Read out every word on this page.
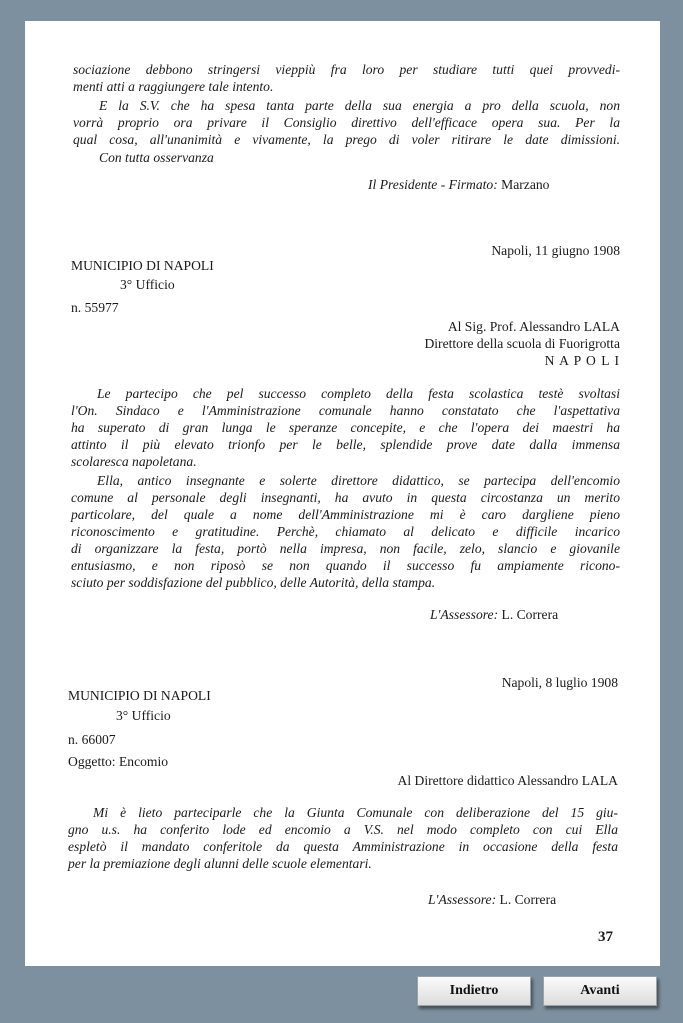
sociazione debbono stringersi vieppiù fra loro per studiare tutti quei provvedi-
menti atti a raggiungere tale intento.
E la S.V. che ha spesa tanta parte della sua energia a pro della scuola, non
vorrà proprio ora privare il Consiglio direttivo dell'efficace opera sua. Per la
qual cosa, all'unanimità e vivamente, la prego di voler ritirare le date dimissioni.
Con tutta osservanza
Il Presidente - Firmato: Marzano
Napoli, 11 giugno 1908
MUNICIPIO DI NAPOLI
3° Ufficio
n. 55977
Al Sig. Prof. Alessandro LALA
Direttore della scuola di Fuorigrotta
N A P O L I
Le partecipo che pel successo completo della festa scolastica testè svoltasi
l'On. Sindaco e l'Amministrazione comunale hanno constatato che l'aspettativa
ha superato di gran lunga le speranze concepite, e che l'opera dei maestri ha
attinto il più elevato trionfo per le belle, splendide prove date dalla immensa
scolaresca napoletana.
Ella, antico insegnante e solerte direttore didattico, se partecipa dell'encomio
comune al personale degli insegnanti, ha avuto in questa circostanza un merito
particolare, del quale a nome dell'Amministrazione mi è caro dargliene pieno
riconoscimento e gratitudine. Perchè, chiamato al delicato e difficile incarico
di organizzare la festa, portò nella impresa, non facile, zelo, slancio e giovanile
entusiasmo, e non riposò se non quando il successo fu ampiamente ricono-
sciuto per soddisfazione del pubblico, delle Autorità, della stampa.
L'Assessore: L. Correra
Napoli, 8 luglio 1908
MUNICIPIO DI NAPOLI
3° Ufficio
n. 66007
Oggetto: Encomio
Al Direttore didattico Alessandro LALA
Mi è lieto parteciparle che la Giunta Comunale con deliberazione del 15 giu-
gno u.s. ha conferito lode ed encomio a V.S. nel modo completo con cui Ella
espletò il mandato conferitole da questa Amministrazione in occasione della festa
per la premiazione degli alunni delle scuole elementari.
L'Assessore: L. Correra
37
Indietro	Avanti
